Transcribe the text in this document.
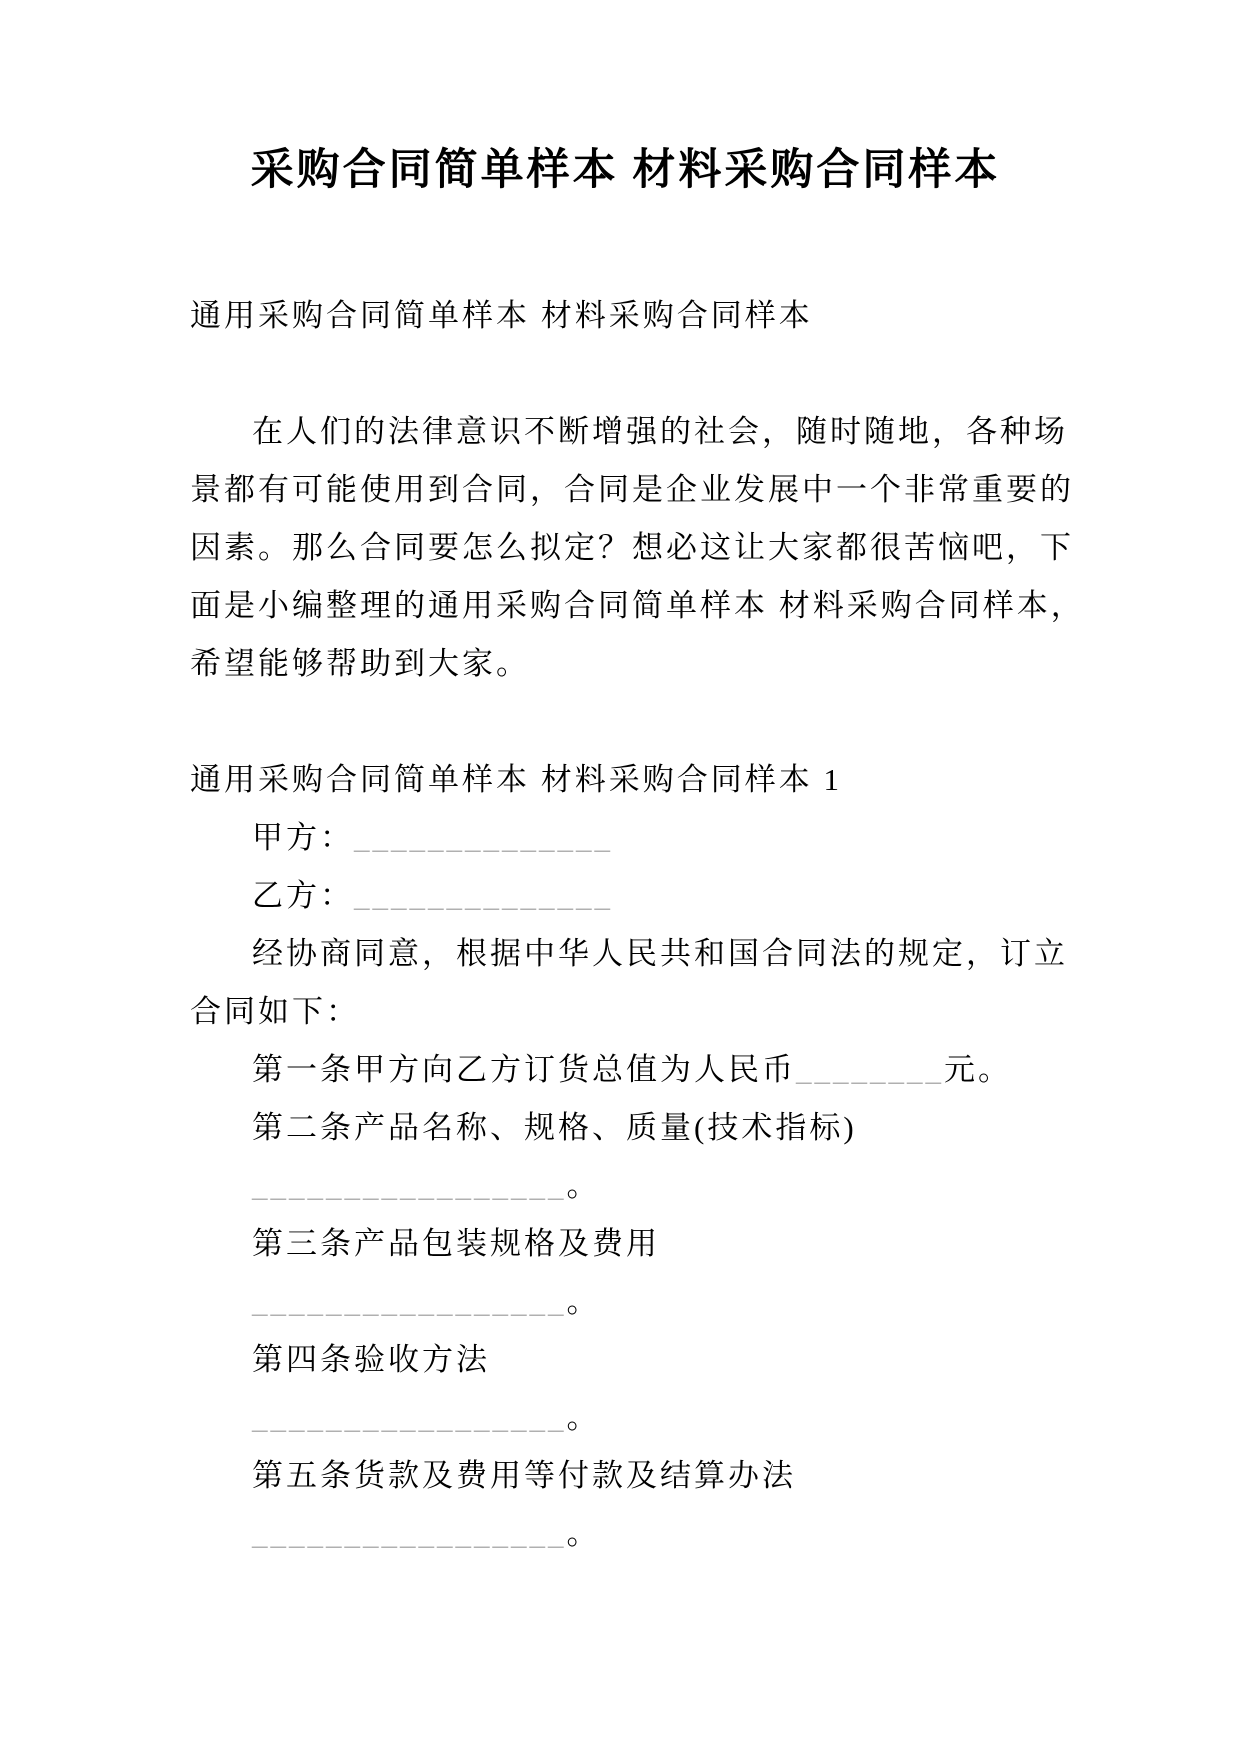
采购合同简单样本 材料采购合同样本
通用采购合同简单样本 材料采购合同样本
在人们的法律意识不断增强的社会，随时随地，各种场
景都有可能使用到合同，合同是企业发展中一个非常重要的
因素。那么合同要怎么拟定？想必这让大家都很苦恼吧，下
面是小编整理的通用采购合同简单样本 材料采购合同样本，
希望能够帮助到大家。
通用采购合同简单样本 材料采购合同样本 1
甲方：______________
乙方：______________
经协商同意，根据中华人民共和国合同法的规定，订立
合同如下：
第一条甲方向乙方订货总值为人民币________元。
第二条产品名称、规格、质量(技术指标)
_________________。
第三条产品包装规格及费用
_________________。
第四条验收方法
_________________。
第五条货款及费用等付款及结算办法
_________________。
